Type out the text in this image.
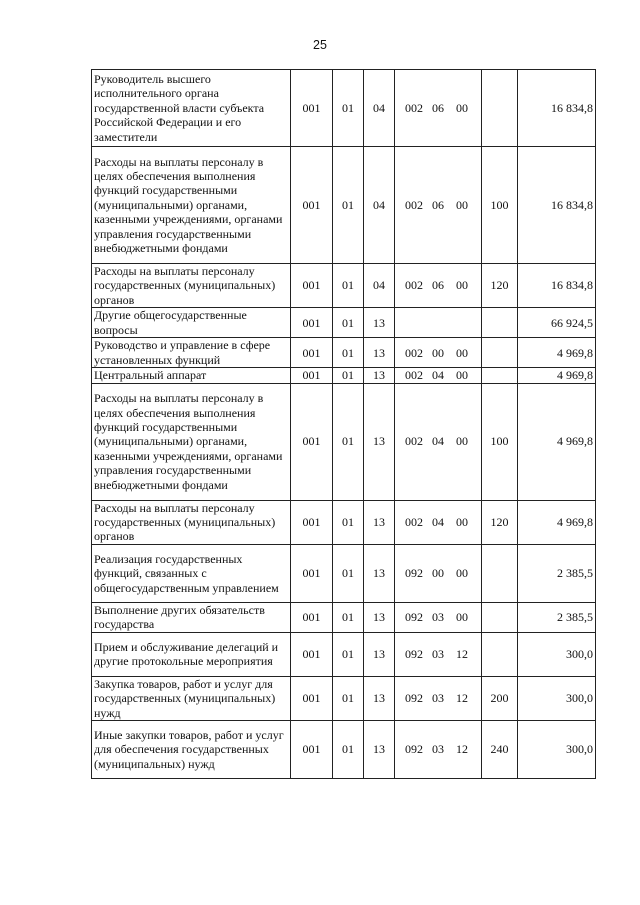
25
Руководитель высшего исполнительного органа государственной власти субъекта Российской Федерации и его заместители	001	01	04	002 06 00		16 834,8
Расходы на выплаты персоналу в целях обеспечения выполнения функций государственными (муниципальными) органами, казенными учреждениями, органами управления государственными внебюджетными фондами	001	01	04	002 06 00	100	16 834,8
Расходы на выплаты персоналу государственных (муниципальных) органов	001	01	04	002 06 00	120	16 834,8
Другие общегосударственные вопросы	001	01	13			66 924,5
Руководство и управление в сфере установленных функций	001	01	13	002 00 00		4 969,8
Центральный аппарат	001	01	13	002 04 00		4 969,8
Расходы на выплаты персоналу в целях обеспечения выполнения функций государственными (муниципальными) органами, казенными учреждениями, органами управления государственными внебюджетными фондами	001	01	13	002 04 00	100	4 969,8
Расходы на выплаты персоналу государственных (муниципальных) органов	001	01	13	002 04 00	120	4 969,8
Реализация государственных функций, связанных с общегосударственным управлением	001	01	13	092 00 00		2 385,5
Выполнение других обязательств государства	001	01	13	092 03 00		2 385,5
Прием и обслуживание делегаций и другие протокольные мероприятия	001	01	13	092 03 12		300,0
Закупка товаров, работ и услуг для государственных (муниципальных) нужд	001	01	13	092 03 12	200	300,0
Иные закупки товаров, работ и услуг для обеспечения государственных (муниципальных) нужд	001	01	13	092 03 12	240	300,0
